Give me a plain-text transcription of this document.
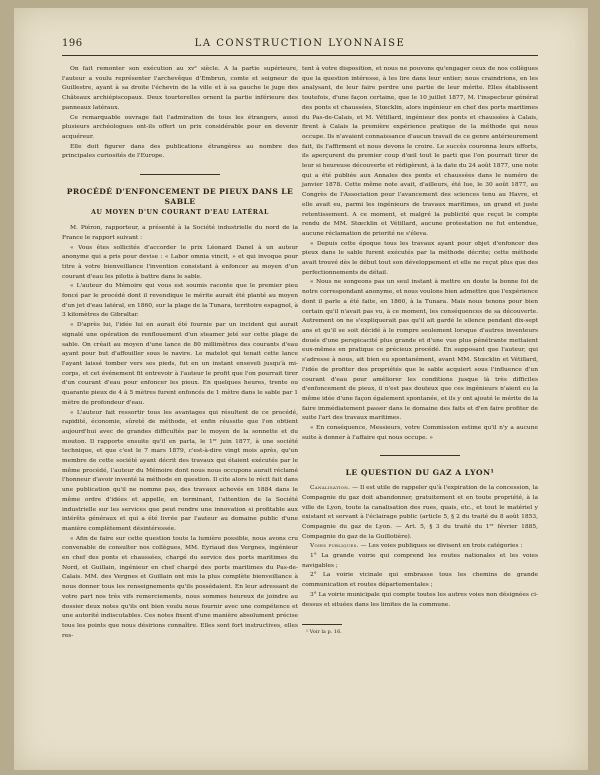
196	LA CONSTRUCTION LYONNAISE

On fait remonter son exécution au xvᵉ siècle. A la partie supérieure, l'auteur a voulu représenter l'archevêque d'Embrun, comte et seigneur de Guillestre, ayant à sa droite l'échevin de la ville et à sa gauche le juge des Châteaux archiépiscopaux. Deux tourterelles ornent la partie inférieure des panneaux latéraux.

Ce remarquable ouvrage fait l'admiration de tous les étrangers, aussi plusieurs archéologues ont-ils offert un prix considérable pour en devenir acquéreur.

Elle doit figurer dans des publications étrangères au nombre des principales curiosités de l'Europe.

PROCÉDÉ D'ENFONCEMENT DE PIEUX DANS LE SABLE
AU MOYEN D'UN COURANT D'EAU LATÉRAL

M. Piéron, rapporteur, a présenté à la Société industrielle du nord de la France le rapport suivant :

« Vous êtes sollicités d'accorder le prix Léonard Danel à un auteur anonyme qui a pris pour devise : « Labor omnia vincit, » et qui invoque pour titre à votre bienveillance l'invention consistant à enfoncer au moyen d'un courant d'eau les pilotis à battre dans le sable.

« L'auteur du Mémoire qui vous est soumis raconte que le premier pieu foncé par le procédé dont il revendique le mérite aurait été planté au moyen d'un jet d'eau latéral, en 1860, sur la plage de la Tunara, territoire espagnol, à 3 kilomètres de Gibraltar.

« D'après lui, l'idée lui en aurait été fournie par un incident qui aurait signalé une opération de renflouement d'un steamer jeté sur cette plage de sable. On créait au moyen d'une lance de 80 millimètres des courants d'eau ayant pour but d'affouiller sous le navire. Le matelot qui tenait cette lance l'ayant laissé tomber vers ses pieds, fut en un instant enseveli jusqu'à mi-corps, et cet événement fit entrevoir à l'auteur le profit que l'on pourrait tirer d'un courant d'eau pour enfoncer les pieux. En quelques heures, trente ou quarante pieux de 4 à 5 mètres furent enfoncés de 1 mètre dans le sable par 1 mètre de profondeur d'eau.

« L'auteur fait ressortir tous les avantages qui résultent de ce procédé, rapidité, économie, sûreté de méthode, et enfin réussite que l'on obtient aujourd'hui avec de grandes difficultés par le moyen de la sonnette et du mouton. Il rapporte ensuite qu'il en parla, le 1ᵉʳ juin 1877, à une société technique, et que c'est le 7 mars 1879, c'est-à-dire vingt mois après, qu'un membre de cette société ayant décrit des travaux qui étaient exécutés par le même procédé, l'auteur du Mémoire dont nous nous occupons aurait réclamé l'honneur d'avoir inventé la méthode en question. Il cite alors le récit fait dans une publication qu'il ne nomme pas, des travaux achevés en 1884 dans le même ordre d'idées et appelle, en terminant, l'attention de la Société industrielle sur les services que peut rendre une innovation si profitable aux intérêts généraux et qui a été livrée par l'auteur au domaine public d'une manière complètement désintéressée.

« Afin de faire sur cette question toute la lumière possible, nous avons cru convenable de consulter nos collègues, MM. Eyriaud des Vergnes, ingénieur en chef des ponts et chaussées, chargé du service des ports maritimes du Nord, et Guillain, ingénieur en chef chargé des ports maritimes du Pas-de-Calais. MM. des Vergnes et Guillain ont mis la plus complète bienveillance à nous donner tous les renseignements qu'ils possédaient. En leur adressant de votre part nos très vifs remerciements, nous sommes heureux de joindre au dossier deux notes qu'ils ont bien voulu nous fournir avec une compétence et une autorité indiscutables. Ces notes fixent d'une manière absolument précise tous les points que nous désirions connaître. Elles sont fort instructives, elles res-

tent à votre disposition, et nous ne pouvons qu'engager ceux de nos collègues que la question intéresse, à les lire dans leur entier; nous craindrions, en les analysant, de leur faire perdre une partie de leur mérite. Elles établissent toutefois, d'une façon certaine, que le 10 juillet 1877, M. l'inspecteur général des ponts et chaussées, Stœcklin, alors ingénieur en chef des ports maritimes du Pas-de-Calais, et M. Vétillard, ingénieur des ponts et chaussées à Calais, firent à Calais la première expérience pratique de la méthode qui nous occupe. Ils n'avaient connaissance d'aucun travail de ce genre antérieurement fait, ils l'affirment et nous devons le croire. Le succès couronna leurs efforts, ils aperçurent du premier coup d'œil tout le parti que l'on pourrait tirer de leur si heureuse découverte et rédigèrent, à la date du 24 août 1877, une note qui a été publiée aux Annales des ponts et chaussées dans le numéro de janvier 1878. Cette même note avait, d'ailleurs, été lue, le 30 août 1877, au Congrès de l'Association pour l'avancement des sciences tenu au Havre, et elle avait eu, parmi les ingénieurs de travaux maritimes, un grand et juste retentissement. A ce moment, et malgré la publicité que reçut le compte rendu de MM. Stœcklin et Vétillard, aucune protestation ne fut entendue, aucune réclamation de priorité ne s'éleva.

« Depuis cette époque tous les travaux ayant pour objet d'enfoncer des pieux dans le sable furent exécutés par la méthode décrite; cette méthode avait trouvé dès le début tout son développement et elle ne reçut plus que des perfectionnements de détail.

« Nous ne songeons pas un seul instant à mettre en doute la bonne foi de notre correspondant anonyme, et nous voulons bien admettre que l'expérience dont il parle a été faite, en 1860, à la Tunara. Mais nous tenons pour bien certain qu'il n'avait pas vu, à ce moment, les conséquences de sa découverte. Autrement on ne s'expliquerait pas qu'il ait gardé le silence pendant dix-sept ans et qu'il se soit décidé à le rompre seulement lorsque d'autres inventeurs doués d'une perspicacité plus grande et d'une vue plus pénétrante mettaient eux-mêmes en pratique ce précieux procédé. En supposant que l'auteur, qui s'adresse à nous, ait bien eu spontanément, avant MM. Stœcklin et Vétillard, l'idée de profiter des propriétés que le sable acquiert sous l'influence d'un courant d'eau pour améliorer les conditions jusque là très difficiles d'enfoncement de pieux, il n'est pas douteux que ces ingénieurs n'aient eu la même idée d'une façon également spontanée, et ils y ont ajouté le mérite de la faire immédiatement passer dans le domaine des faits et d'en faire profiter de suite l'art des travaux maritimes.

« En conséquence, Messieurs, votre Commission estime qu'il n'y a aucune suite à donner à l'affaire qui nous occupe. »

LE QUESTION DU GAZ A LYON¹

Canalisation. — Il est utile de rappeler qu'à l'expiration de la concession, la Compagnie du gaz doit abandonner, gratuitement et en toute propriété, à la ville de Lyon, toute la canalisation des rues, quais, etc., et tout le matériel y existant et servant à l'éclairage public (article 5, § 2 du traité du 8 août 1853, Compagnie du gaz de Lyon. — Art. 5, § 3 du traité du 1ᵉʳ février 1885, Compagnie du gaz de la Guillotière).

Voies publiques. — Les voies publiques se divisent en trois catégories :

1° La grande voirie qui comprend les routes nationales et les voies navigables ;

2° La voirie vicinale qui embrasse tous les chemins de grande communication et routes départementales ;

3° La voirie municipale qui compte toutes les autres voies non désignées ci-dessus et situées dans les limites de la commune.

¹ Voir la p. 16.
